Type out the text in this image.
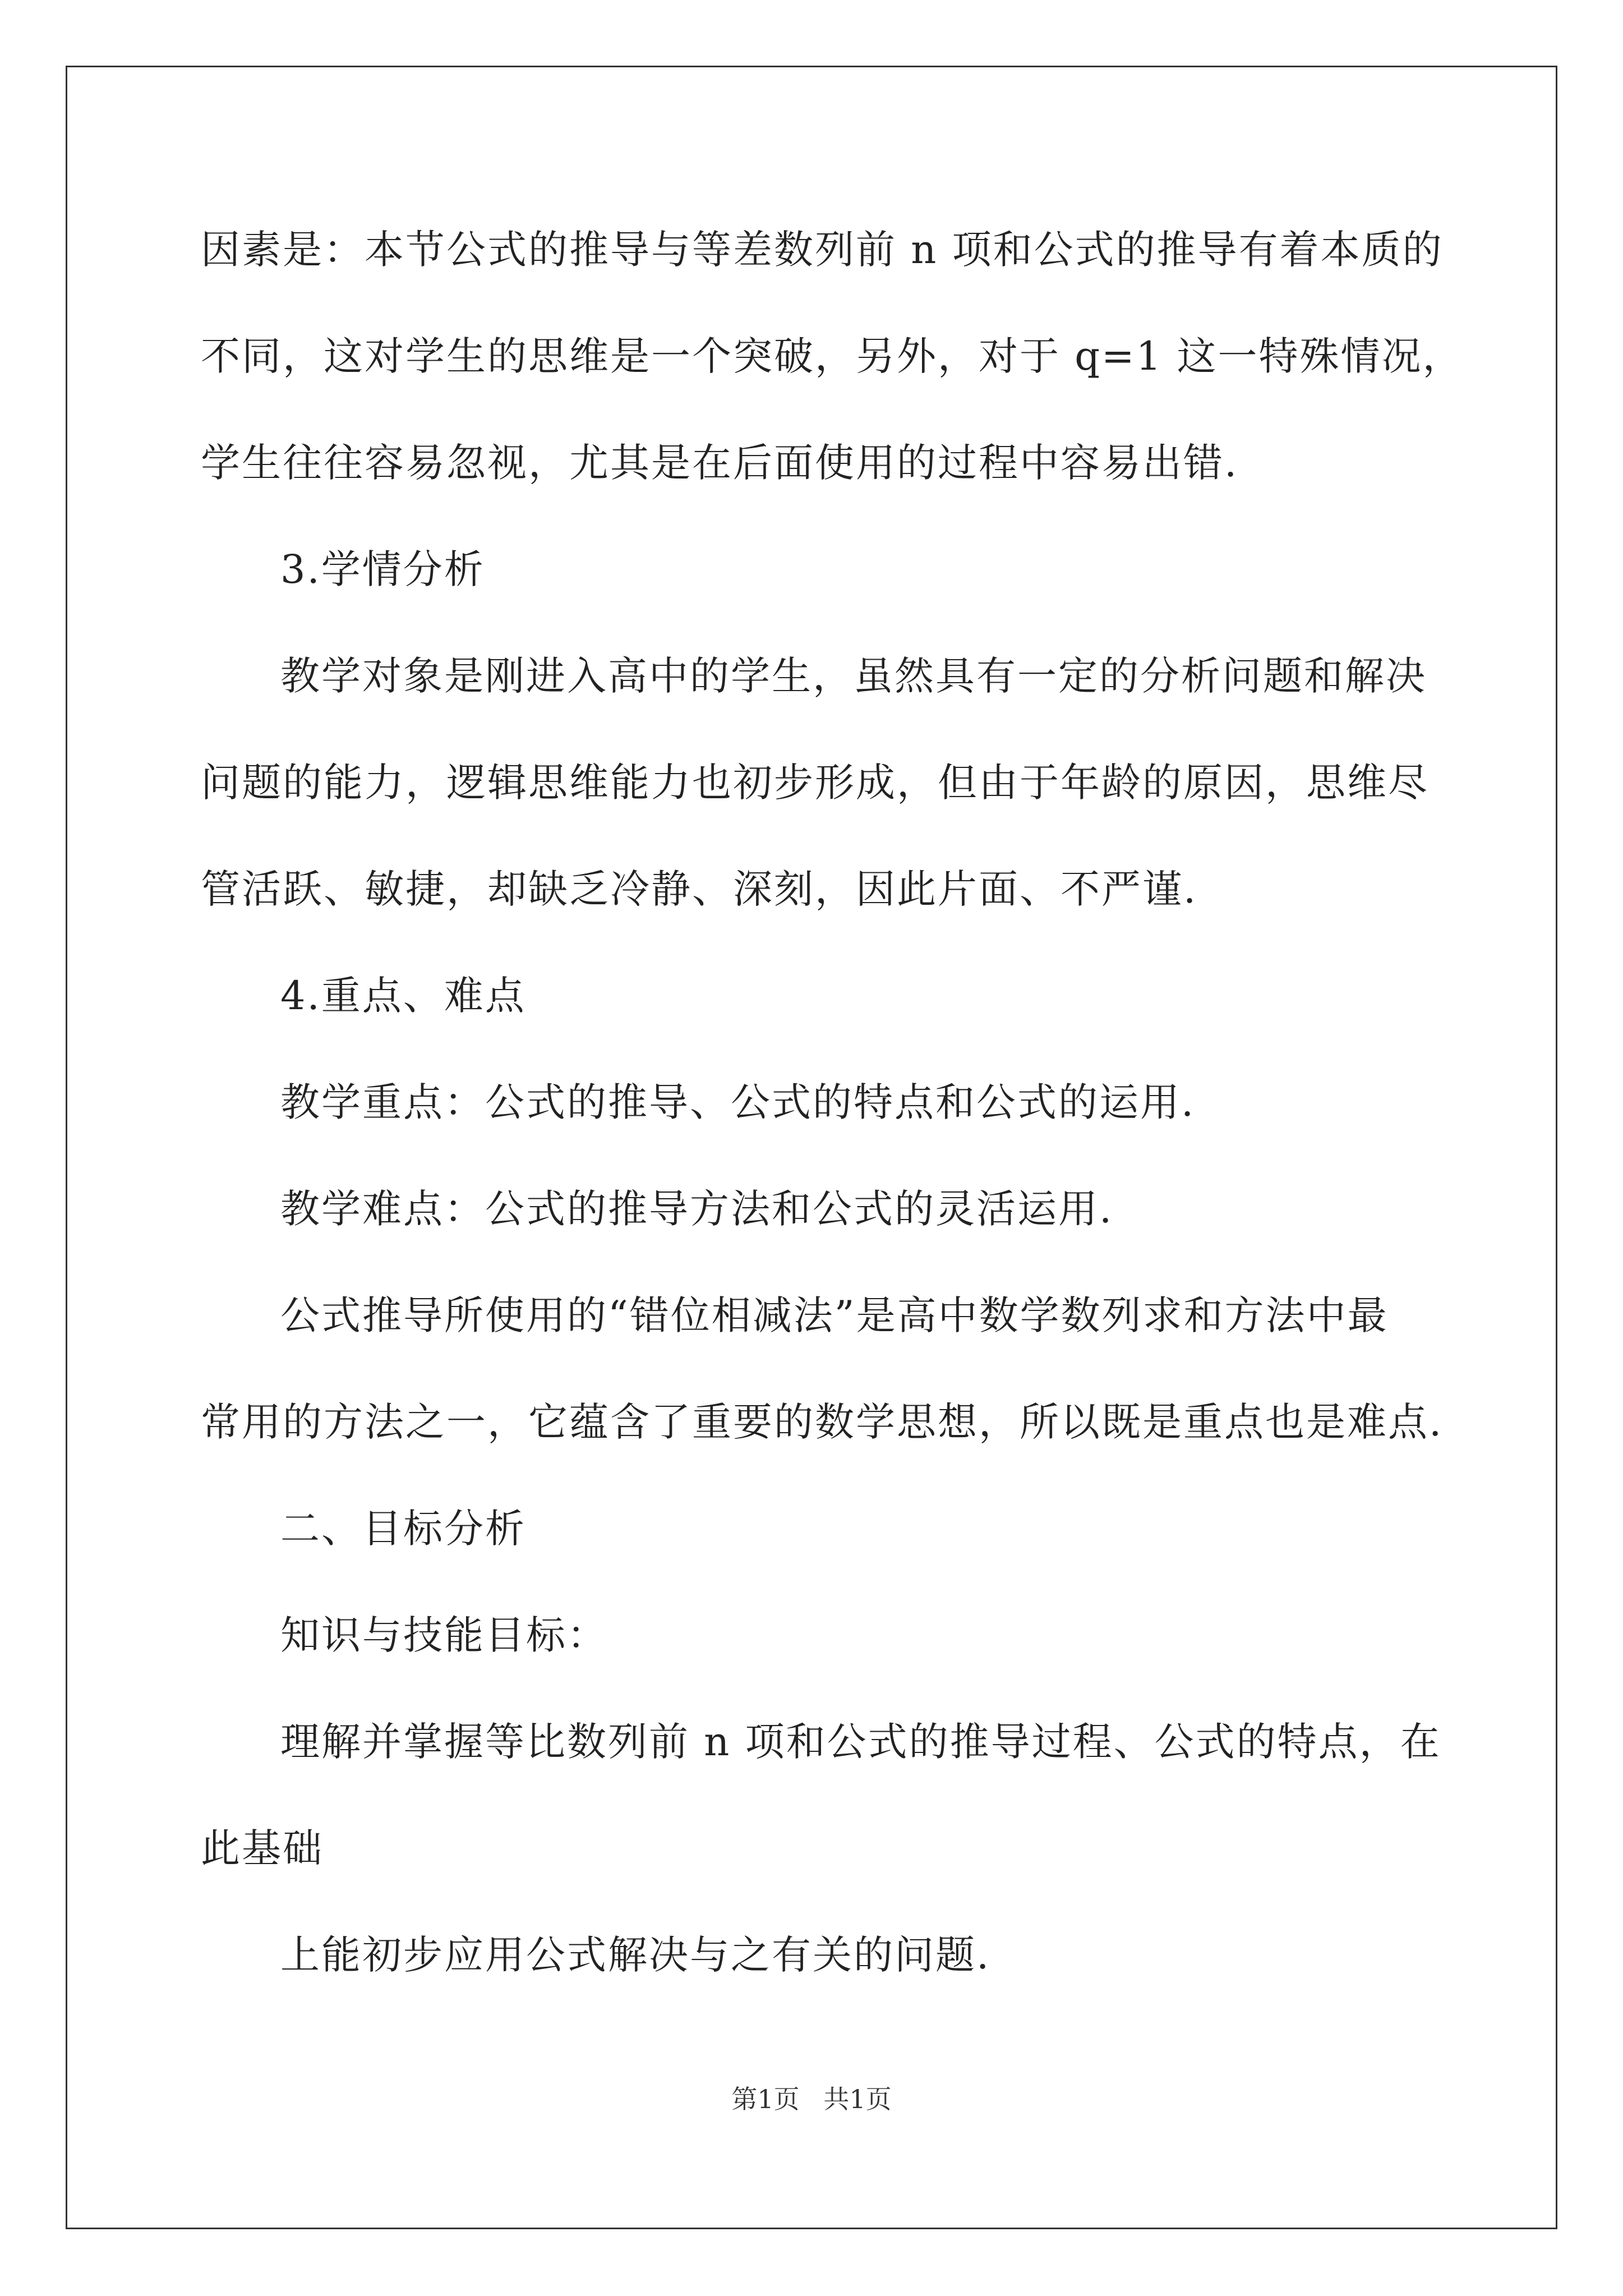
因素是：本节公式的推导与等差数列前 n 项和公式的推导有着本质的
不同，这对学生的思维是一个突破，另外，对于 q=1 这一特殊情况，
学生往往容易忽视，尤其是在后面使用的过程中容易出错.
3.学情分析
教学对象是刚进入高中的学生，虽然具有一定的分析问题和解决
问题的能力，逻辑思维能力也初步形成，但由于年龄的原因，思维尽
管活跃、敏捷，却缺乏冷静、深刻，因此片面、不严谨.
4.重点、难点
教学重点：公式的推导、公式的特点和公式的运用.
教学难点：公式的推导方法和公式的灵活运用.
公式推导所使用的“错位相减法”是高中数学数列求和方法中最
常用的方法之一，它蕴含了重要的数学思想，所以既是重点也是难点.
二、目标分析
知识与技能目标：
理解并掌握等比数列前 n 项和公式的推导过程、公式的特点，在
此基础
上能初步应用公式解决与之有关的问题.
第1页 共1页
